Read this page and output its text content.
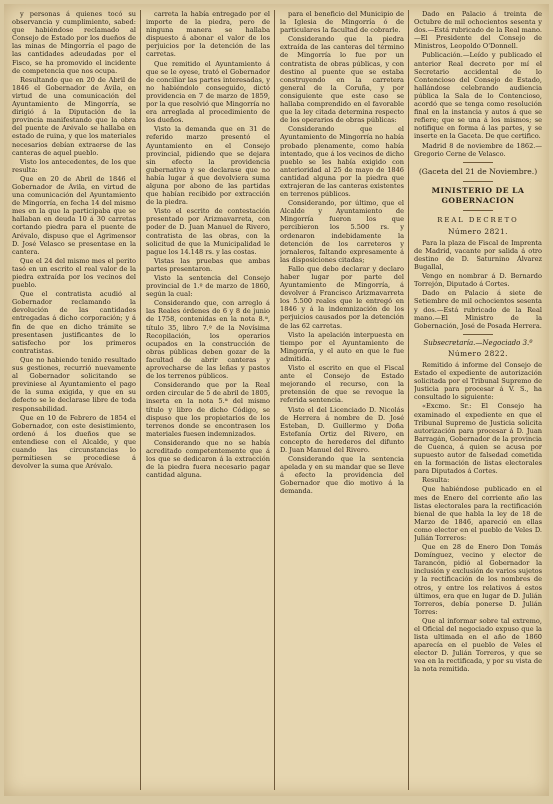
y personas á quienes tocó su observancia y cumplimiento, sabed: que habiéndose reclamado al Consejo de Estado por los dueños de las minas de Mingorría el pago de las cantidades adeudadas por el Fisco, se ha promovido el incidente de competencia que nos ocupa.

Resultando que en 20 de Abril de 1846 el Gobernador de Ávila, en virtud de una comunicación del Ayuntamiento de Mingorría, se dirigió á la Diputación de la provincia manifestando que la obra del puente de Arévalo se hallaba en estado de ruina, y que los materiales necesarios debían extraerse de las canteras de aquel pueblo.

Visto los antecedentes, de los que resulta:

Que en 20 de Abril de 1846 el Gobernador de Ávila, en virtud de una comunicación del Ayuntamiento de Mingorría, en fecha 14 del mismo mes en la que la participaba que se hallaban en deuda 10 á 30 carretas cortando piedra para el puente de Arévalo, dispuso que el Agrimensor D. José Velasco se presentase en la cantera.

Que el 24 del mismo mes el perito tasó en un escrito el real valor de la piedra extraída por los vecinos del pueblo.

Que el contratista acudió al Gobernador reclamando la devolución de las cantidades entregadas á dicho corporación; y á fin de que en dicho trámite se presentasen justificantes de lo satisfecho por los primeros contratistas.

Que no habiendo tenido resultado sus gestiones, recurrió nuevamente al Gobernador solicitando se previniese al Ayuntamiento el pago de la suma exigida, y que en su defecto se le declarase libre de toda responsabilidad.

Que en 10 de Febrero de 1854 el Gobernador, con este desistimiento, ordenó á los dueños que se entendiese con el Alcalde, y que cuando las circunstancias lo permitiesen se procediese á devolver la suma que Arévalo.

carreta la había entregado por el importe de la piedra, pero de ninguna manera se hallaba dispuesto á abonar el valor de los perjuicios por la detención de las carretas.

Que remitido el Ayuntamiento á que se le oyese, trató el Gobernador de conciliar las partes interesadas, y no habiéndolo conseguido, dictó providencia en 7 de marzo de 1859, por la que resolvió que Mingorría no era arreglada al procedimiento de los dueños.

Visto la demanda que en 31 de referido marzo presentó el Ayuntamiento en el Consejo provincial, pidiendo que se dejara sin efecto la providencia gubernativa y se declarase que no había lugar á que devolviera suma alguna por abono de las partidas que habían recibido por extracción de la piedra.

Visto el escrito de contestación presentado por Arizmavarreta, con poder de D. Juan Manuel de Rivero, contratista de las obras, con la solicitud de que la Municipalidad le pague los 14.148 rs. y las costas.

Vistas las pruebas que ambas partes presentaron.

Visto la sentencia del Consejo provincial de 1.º de marzo de 1860, según la cual:

Considerando que, con arreglo á las Reales órdenes de 6 y 8 de junio de 1758, contenidas en la nota 8.ª, título 35, libro 7.º de la Novísima Recopilación, los operarios ocupados en la construcción de obras públicas deben gozar de la facultad de abrir canteras y aprovecharse de las leñas y pastos de los terrenos públicos.

Considerando que por la Real orden circular de 5 de abril de 1805, inserta en la nota 5.ª del mismo título y libro de dicho Código, se dispuso que los propietarios de los terrenos donde se encontrasen los materiales fuesen indemnizados.

Considerando que no se había acreditado competentemente que á los que se dedicaron á la extracción de la piedra fuera necesario pagar cantidad alguna.

para el beneficio del Municipio de la Iglesia de Mingorría ó de particulares la facultad de cobrarle.

Considerando que la piedra extraída de las canteras del término de Mingorría lo fue por un contratista de obras públicas, y con destino al puente que se estaba construyendo en la carretera general de la Coruña, y por consiguiente que este caso se hallaba comprendido en el favorable que la ley citada determina respecto de los operarios de obras públicas:

Considerando que el Ayuntamiento de Mingorría no había probado plenamente, como había intentado, que á los vecinos de dicho pueblo se les había exigido con anterioridad al 25 de mayo de 1846 cantidad alguna por la piedra que extrajeran de las canteras existentes en terrenos públicos.

Considerando, por último, que el Alcalde y Ayuntamiento de Mingorría fueron los que percibieron los 5.500 rs. y ordenaron indebidamente la detención de los carreteros y jornaleros, faltando expresamente á las disposiciones citadas;

Fallo que debo declarar y declaro haber lugar por parte del Ayuntamiento de Mingorría, á devolver á Francisco Arizmavarreta los 5.500 reales que le entregó en 1846 y á la indemnización de los perjuicios causados por la detención de las 62 carretas.

Visto la apelación interpuesta en tiempo por el Ayuntamiento de Mingorría, y el auto en que le fue admitida.

Visto el escrito en que el Fiscal ante el Consejo de Estado mejorando el recurso, con la pretensión de que se revoque la referida sentencia.

Visto el del Licenciado D. Nicolás de Herrera á nombre de D. José Esteban, D. Guillermo y Doña Estefanía Ortiz del Rivero, en concepto de herederos del difunto D. Juan Manuel del Rivero.

Considerando que la sentencia apelada y en su mandar que se lleve á efecto la providencia del Gobernador que dio motivo á la demanda.

Dado en Palacio á treinta de Octubre de mil ochocientos sesenta y dos.—Está rubricado de la Real mano.—El Presidente del Consejo de Ministros, Leopoldo O'Donnell.

Publicación.—Leído y publicado el anterior Real decreto por mí el Secretario accidental de lo Contencioso del Consejo de Estado, hallándose celebrando audiencia pública la Sala de lo Contencioso, acordó que se tenga como resolución final en la instancia y autos á que se refiere; que se una á los mismos; se notifique en forma á las partes, y se inserte en la Gaceta. De que certifico.

Madrid 8 de noviembre de 1862.—Gregorio Cerne de Velasco.

(Gaceta del 21 de Noviembre.)

MINISTERIO DE LA GOBERNACION

REAL DECRETO

Número 2821.

Para la plaza de Fiscal de Imprenta de Madrid, vacante por salida á otro destino de D. Saturnino Álvarez Bugallal,

Vengo en nombrar á D. Bernardo Torrejón, Diputado á Cortes.

Dado en Palacio á siete de Setiembre de mil ochocientos sesenta y dos.—Está rubricado de la Real mano.—El Ministro de la Gobernación, José de Posada Herrera.

Subsecretaría.—Negociado 3.º

Número 2822.

Remitido á informe del Consejo de Estado el expediente de autorización solicitada por el Tribunal Supremo de Justicia para procesar á V. S., ha consultado lo siguiente:

«Excmo. Sr.: El Consejo ha examinado el expediente en que el Tribunal Supremo de Justicia solicita autorización para procesar á D. Juan Barragán, Gobernador de la provincia de Cuenca, á quien se acusa por supuesto autor de falsedad cometida en la formación de listas electorales para Diputados á Cortes.

Resulta:

Que habiéndose publicado en el mes de Enero del corriente año las listas electorales para la rectificación bienal de que habla la ley de 18 de Marzo de 1846, apareció en ellas como elector en el pueblo de Veles D. Julián Torreros:

Que en 28 de Enero Don Tomás Domínguez, vecino y elector de Tarancón, pidió al Gobernador la inclusión y exclusión de varios sujetos y la rectificación de los nombres de otros, y entre los relativos á estos últimos, era que en lugar de D. Julián Torreros, debía ponerse D. Julián Torres:

Que al informar sobre tal extremo, el Oficial del negociado expuso que la lista ultimada en el año de 1860 aparecía en el pueblo de Veles el elector D. Julián Torreros, y que se vea en la rectificada, y por su vista de la nota remitida.
